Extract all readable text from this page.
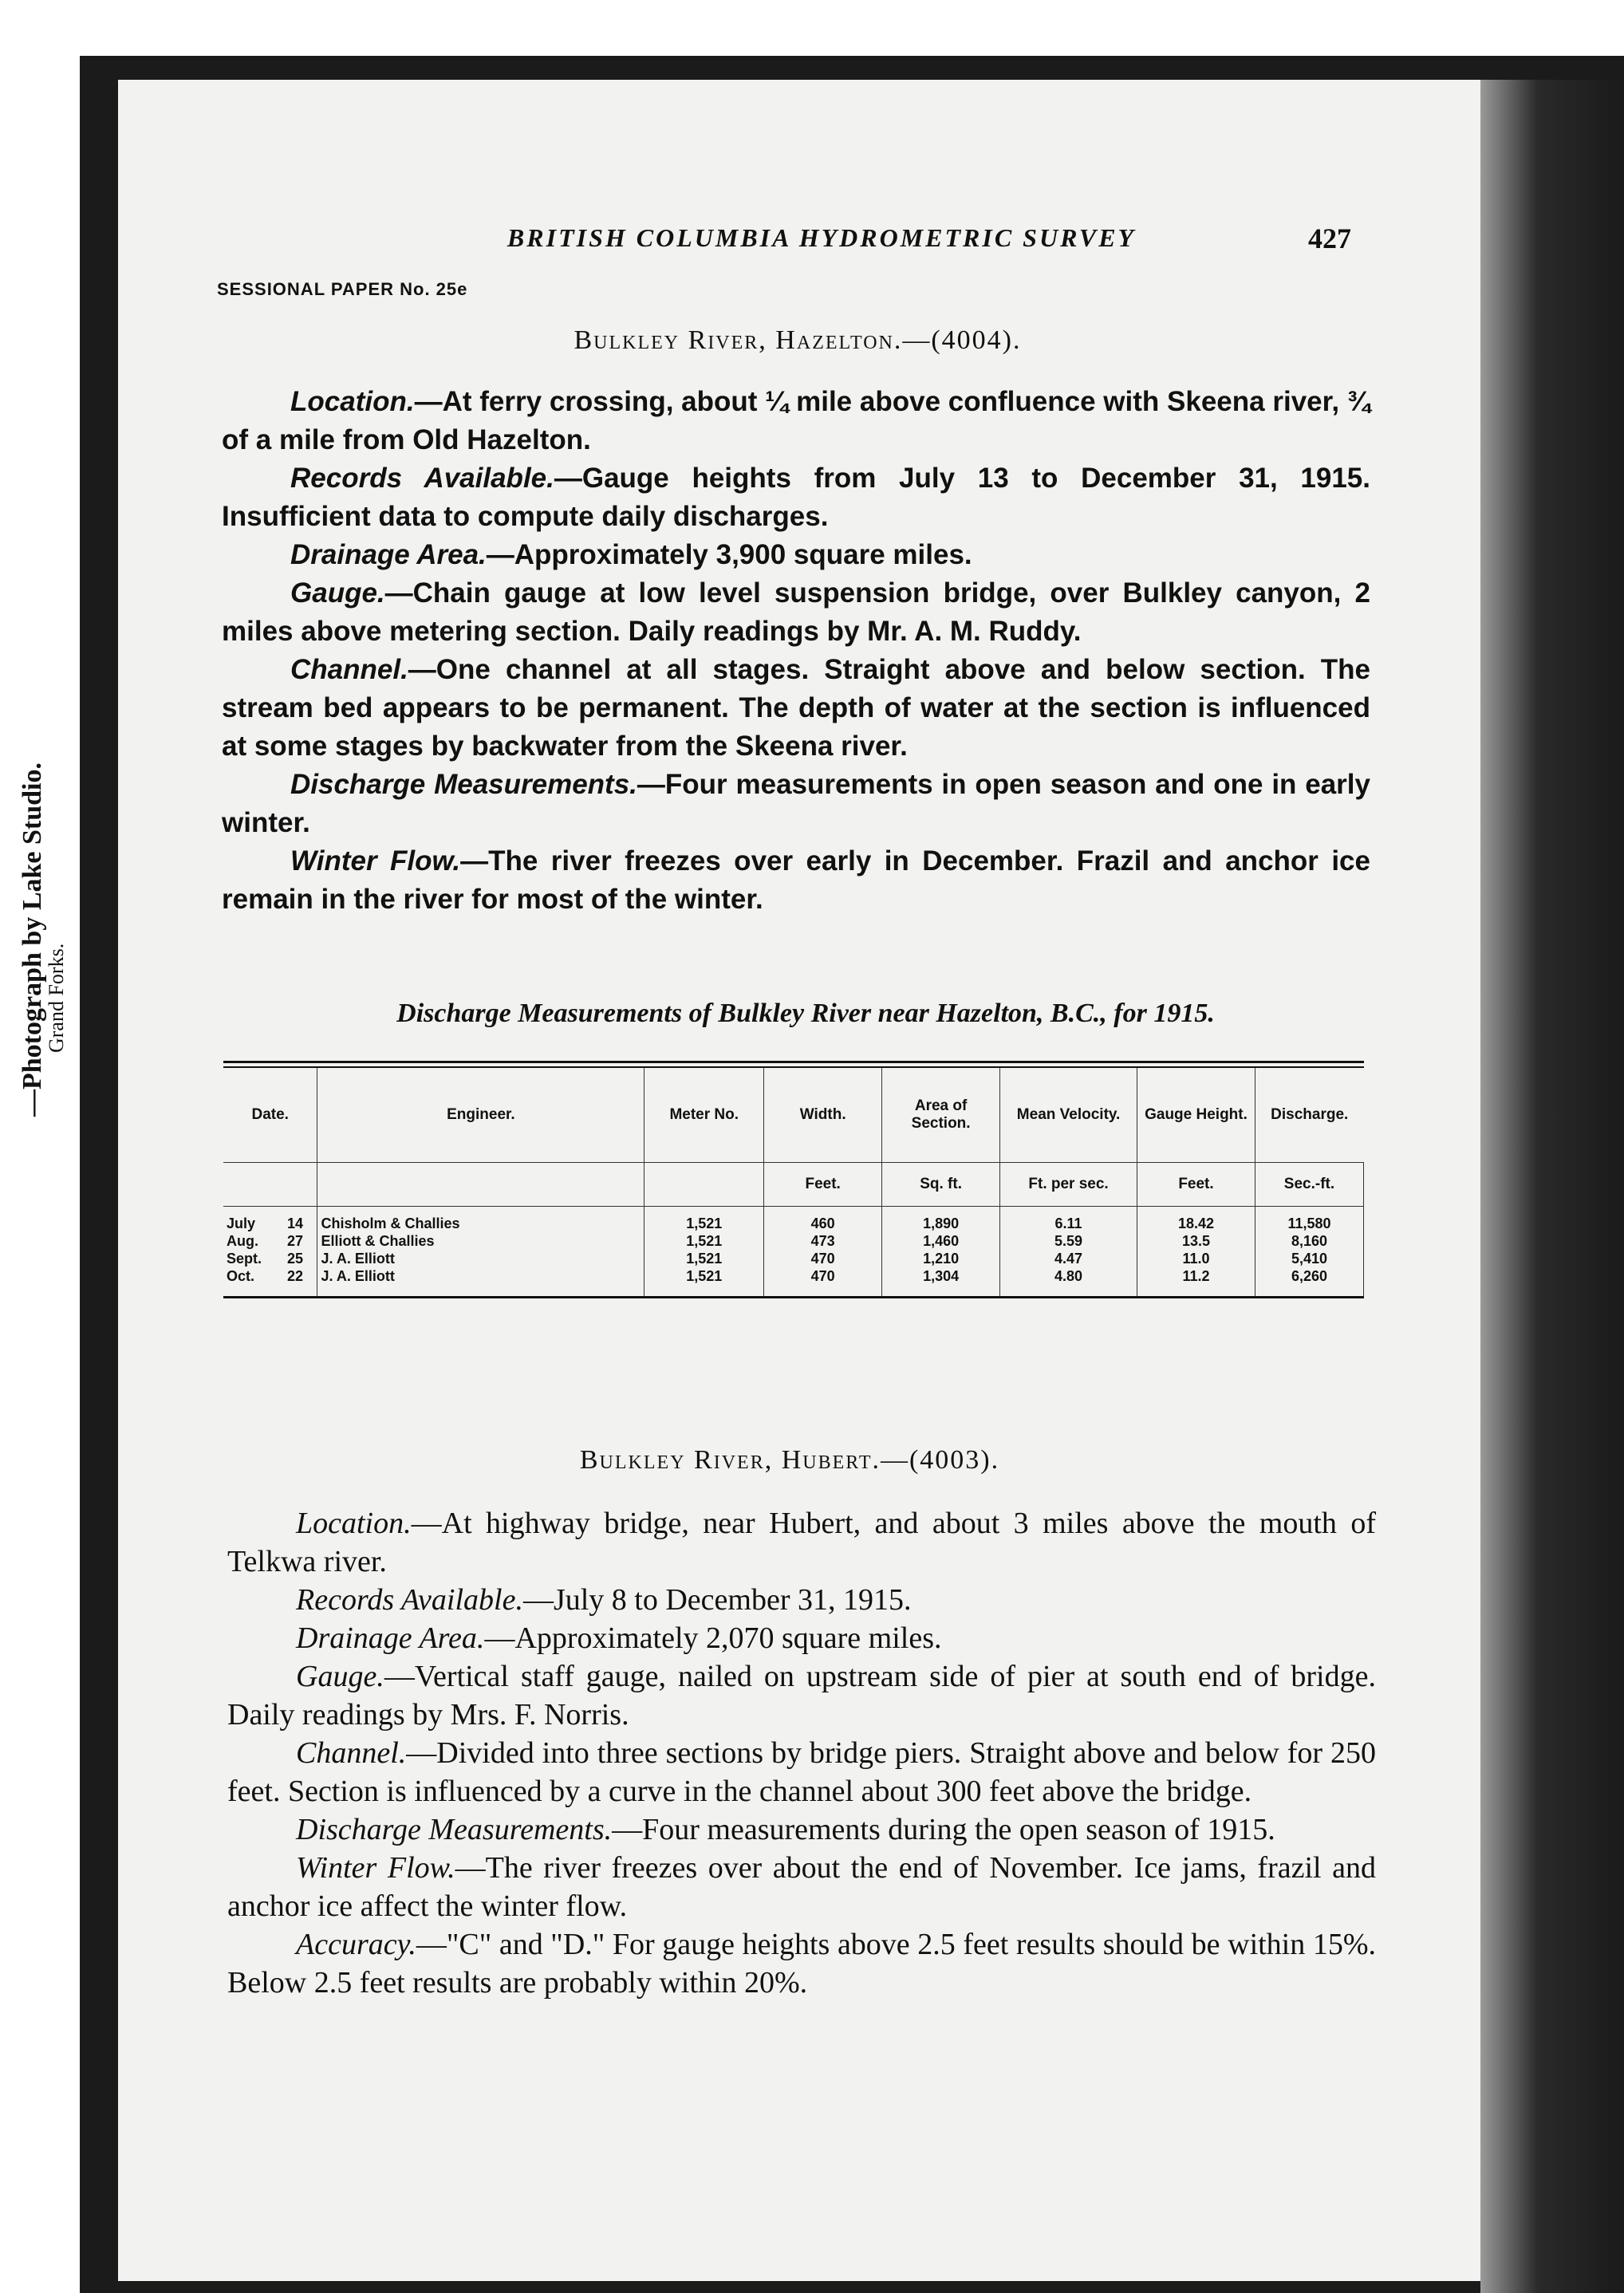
—Photograph by Lake Studio.
Grand Forks.
BRITISH COLUMBIA HYDROMETRIC SURVEY	427
SESSIONAL PAPER No. 25e
Bulkley River, Hazelton.—(4004).

Location.—At ferry crossing, about ¼ mile above confluence with Skeena river, ¾ of a mile from Old Hazelton.

Records Available.—Gauge heights from July 13 to December 31, 1915. Insufficient data to compute daily discharges.

Drainage Area.—Approximately 3,900 square miles.

Gauge.—Chain gauge at low level suspension bridge, over Bulkley canyon, 2 miles above metering section. Daily readings by Mr. A. M. Ruddy.

Channel.—One channel at all stages. Straight above and below section. The stream bed appears to be permanent. The depth of water at the section is influenced at some stages by backwater from the Skeena river.

Discharge Measurements.—Four measurements in open season and one in early winter.

Winter Flow.—The river freezes over early in December. Frazil and anchor ice remain in the river for most of the winter.

Discharge Measurements of Bulkley River near Hazelton, B.C., for 1915.
Date.	Engineer.	Meter No.	Width.	Area of Section.	Mean Velocity.	Gauge Height.	Discharge.
			Feet.	Sq. ft.	Ft. per sec.	Feet.	Sec.-ft.
July 14	Chisholm & Challies	1,521	460	1,890	6.11	18.42	11,580
Aug. 27	Elliott & Challies	1,521	473	1,460	5.59	13.5	8,160
Sept. 25	J. A. Elliott	1,521	470	1,210	4.47	11.0	5,410
Oct. 22	J. A. Elliott	1,521	470	1,304	4.80	11.2	6,260
Bulkley River, Hubert.—(4003).

Location.—At highway bridge, near Hubert, and about 3 miles above the mouth of Telkwa river.

Records Available.—July 8 to December 31, 1915.

Drainage Area.—Approximately 2,070 square miles.

Gauge.—Vertical staff gauge, nailed on upstream side of pier at south end of bridge. Daily readings by Mrs. F. Norris.

Channel.—Divided into three sections by bridge piers. Straight above and below for 250 feet. Section is influenced by a curve in the channel about 300 feet above the bridge.

Discharge Measurements.—Four measurements during the open season of 1915.

Winter Flow.—The river freezes over about the end of November. Ice jams, frazil and anchor ice affect the winter flow.

Accuracy.—"C" and "D." For gauge heights above 2.5 feet results should be within 15%. Below 2.5 feet results are probably within 20%.
